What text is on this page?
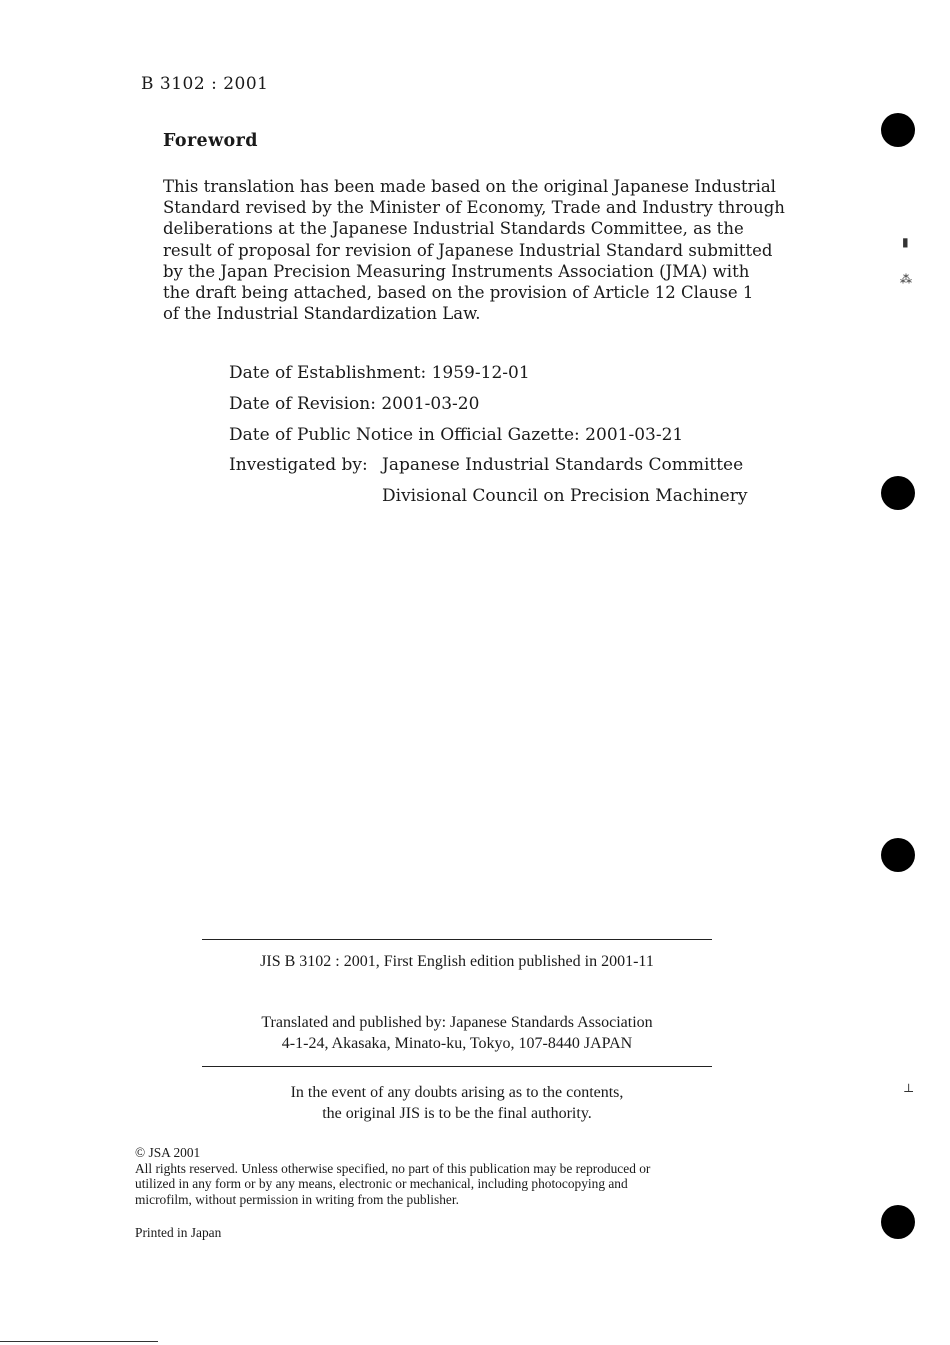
B 3102 : 2001
Foreword

This translation has been made based on the original Japanese Industrial
Standard revised by the Minister of Economy, Trade and Industry through
deliberations at the Japanese Industrial Standards Committee, as the
result of proposal for revision of Japanese Industrial Standard submitted
by the Japan Precision Measuring Instruments Association (JMA) with
the draft being attached, based on the provision of Article 12 Clause 1
of the Industrial Standardization Law.

Date of Establishment: 1959-12-01
Date of Revision: 2001-03-20
Date of Public Notice in Official Gazette: 2001-03-21
Investigated by: Japanese Industrial Standards Committee
Divisional Council on Precision Machinery
JIS B 3102 : 2001, First English edition published in 2001-11
Translated and published by: Japanese Standards Association
4-1-24, Akasaka, Minato-ku, Tokyo, 107-8440 JAPAN
In the event of any doubts arising as to the contents,
the original JIS is to be the final authority.
© JSA 2001
All rights reserved. Unless otherwise specified, no part of this publication may be reproduced or
utilized in any form or by any means, electronic or mechanical, including photocopying and
microfilm, without permission in writing from the publisher.
Printed in Japan
▮
⁂
⊥
